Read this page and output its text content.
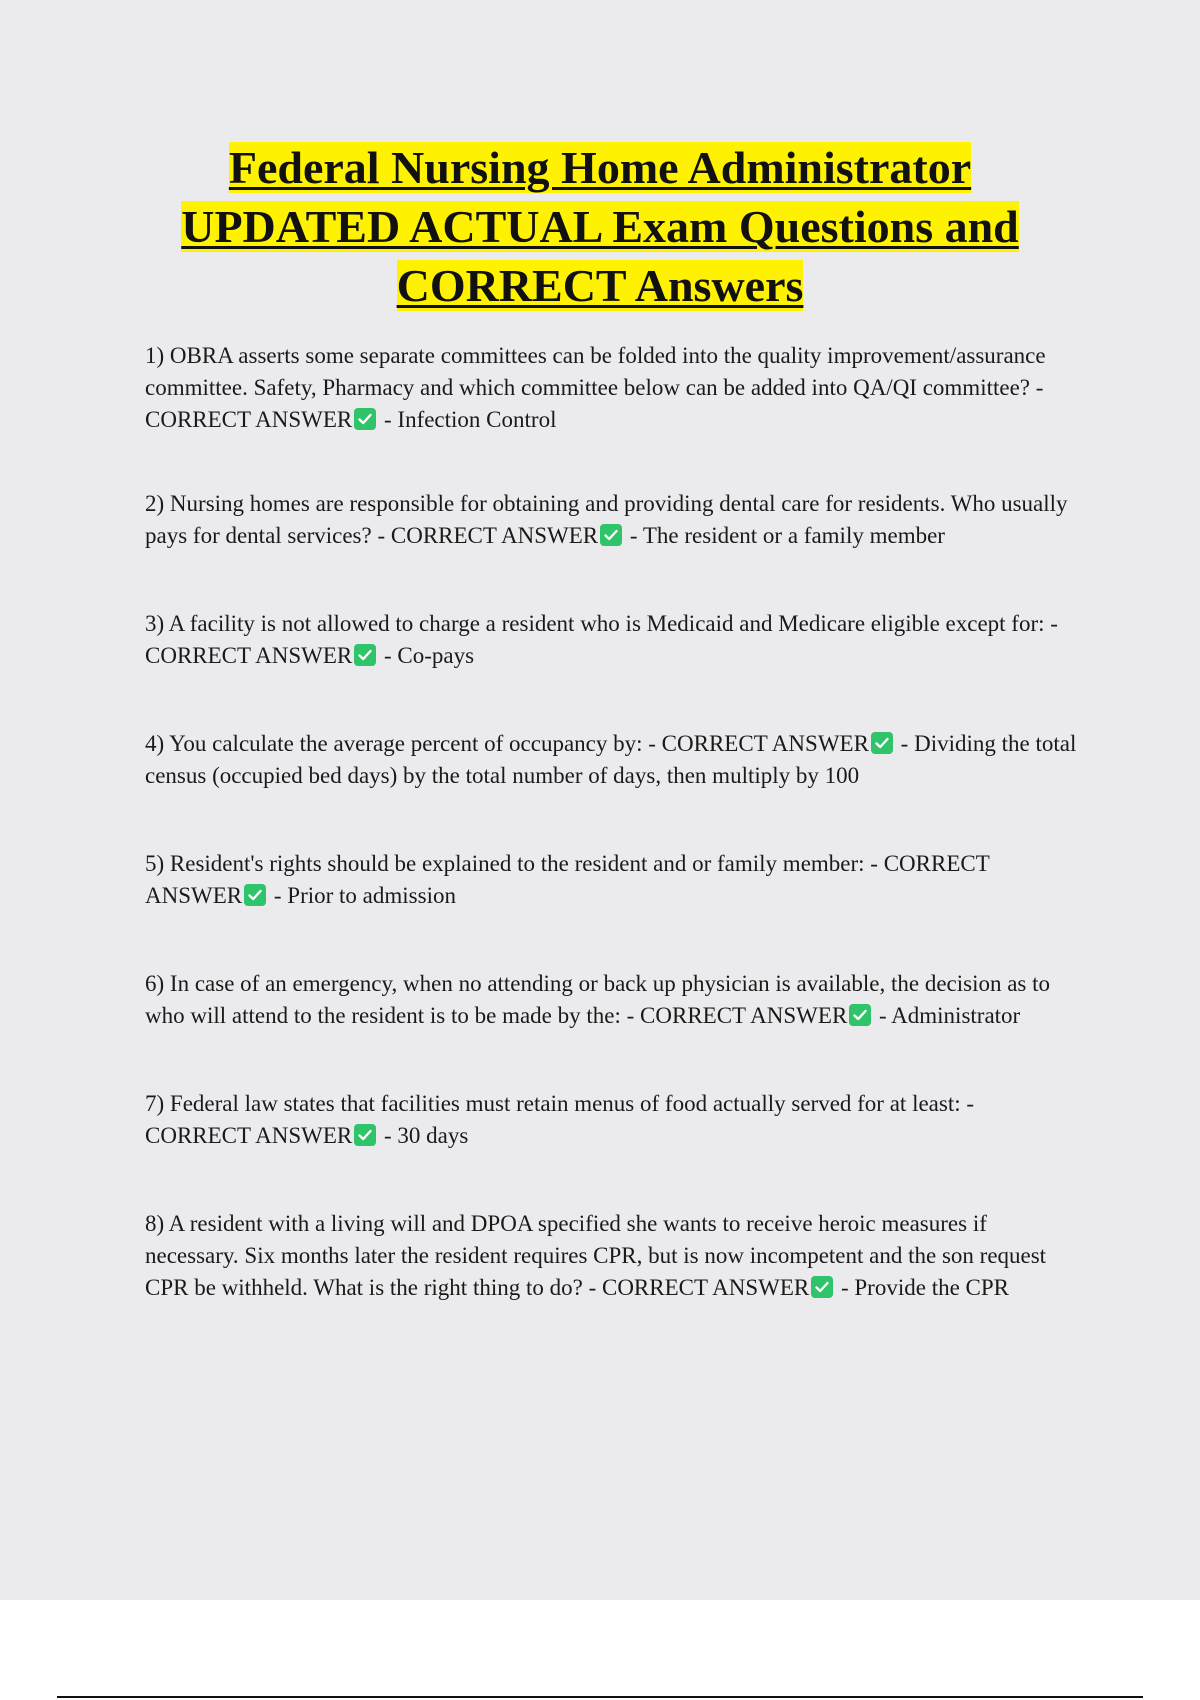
Federal Nursing Home Administrator
UPDATED ACTUAL Exam Questions and
CORRECT Answers

1) OBRA asserts some separate committees can be folded into the quality improvement/assurance committee. Safety, Pharmacy and which committee below can be added into QA/QI committee? - CORRECT ANSWER - Infection Control

2) Nursing homes are responsible for obtaining and providing dental care for residents. Who usually pays for dental services? - CORRECT ANSWER - The resident or a family member

3) A facility is not allowed to charge a resident who is Medicaid and Medicare eligible except for: - CORRECT ANSWER - Co-pays

4) You calculate the average percent of occupancy by: - CORRECT ANSWER - Dividing the total census (occupied bed days) by the total number of days, then multiply by 100

5) Resident's rights should be explained to the resident and or family member: - CORRECT ANSWER - Prior to admission

6) In case of an emergency, when no attending or back up physician is available, the decision as to who will attend to the resident is to be made by the: - CORRECT ANSWER - Administrator

7) Federal law states that facilities must retain menus of food actually served for at least: - CORRECT ANSWER - 30 days

8) A resident with a living will and DPOA specified she wants to receive heroic measures if necessary. Six months later the resident requires CPR, but is now incompetent and the son request CPR be withheld. What is the right thing to do? - CORRECT ANSWER - Provide the CPR
